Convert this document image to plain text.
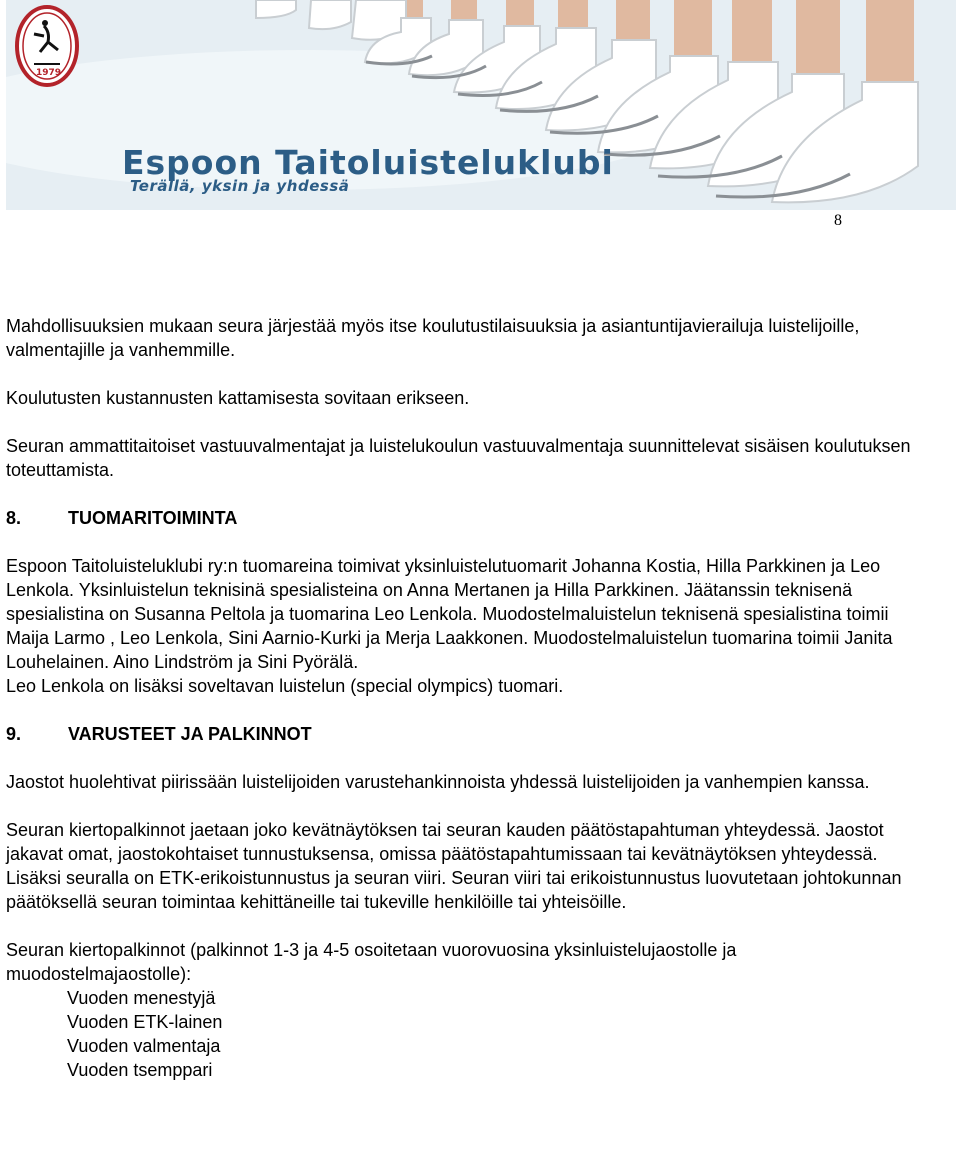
1979
Espoon Taitoluisteluklubi
Terällä, yksin ja yhdessä
8

Mahdollisuuksien mukaan seura järjestää myös itse koulutustilaisuuksia ja asiantuntijavierailuja luistelijoille, valmentajille ja vanhemmille.

Koulutusten kustannusten kattamisesta sovitaan erikseen.

Seuran ammattitaitoiset vastuuvalmentajat ja luistelukoulun vastuuvalmentaja suunnittelevat sisäisen koulutuksen toteuttamista.

8.	TUOMARITOIMINTA

Espoon Taitoluisteluklubi ry:n tuomareina toimivat yksinluistelutuomarit Johanna Kostia, Hilla Parkkinen ja Leo Lenkola. Yksinluistelun teknisinä spesialisteina on Anna Mertanen ja Hilla Parkkinen. Jäätanssin teknisenä spesialistina on Susanna Peltola ja tuomarina Leo Lenkola. Muodostelmaluistelun teknisenä spesialistina toimii Maija Larmo , Leo Lenkola, Sini Aarnio-Kurki ja Merja Laakkonen. Muodostelmaluistelun tuomarina toimii Janita Louhelainen. Aino Lindström ja Sini Pyörälä.

Leo Lenkola on lisäksi soveltavan luistelun (special olympics) tuomari.

9.	VARUSTEET JA PALKINNOT

Jaostot huolehtivat piirissään luistelijoiden varustehankinnoista yhdessä luistelijoiden ja vanhempien kanssa.

Seuran kiertopalkinnot jaetaan joko kevätnäytöksen tai seuran kauden päätöstapahtuman yhteydessä. Jaostot jakavat omat, jaostokohtaiset tunnustuksensa, omissa päätöstapahtumissaan tai kevätnäytöksen yhteydessä. Lisäksi seuralla on ETK-erikoistunnustus ja seuran viiri. Seuran viiri tai erikoistunnustus luovutetaan johtokunnan päätöksellä seuran toimintaa kehittäneille tai tukeville henkilöille tai yhteisöille.

Seuran kiertopalkinnot (palkinnot 1-3 ja 4-5 osoitetaan vuorovuosina yksinluistelujaostolle ja muodostelmajaostolle):

Vuoden menestyjä

Vuoden ETK-lainen

Vuoden valmentaja

Vuoden tsemppari
